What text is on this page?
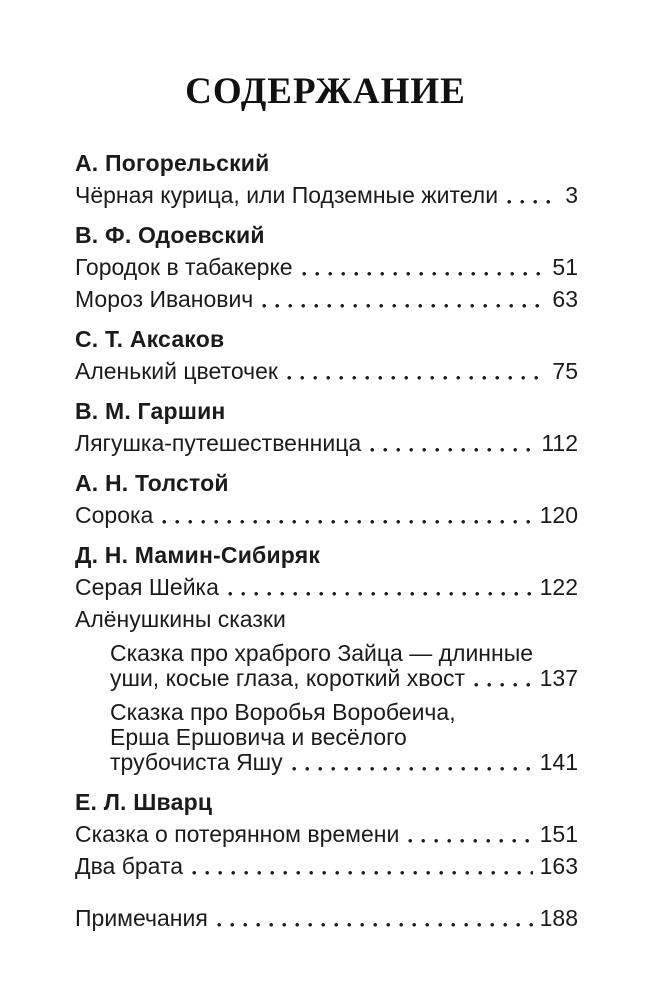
СОДЕРЖАНИЕ
А. Погорельский
Чёрная курица, или Подземные жители	3
В. Ф. Одоевский
Городок в табакерке	51
Мороз Иванович	63
С. Т. Аксаков
Аленький цветочек	75
В. М. Гаршин
Лягушка-путешественница	112
А. Н. Толстой
Сорока	120
Д. Н. Мамин-Сибиряк
Серая Шейка	122
Алёнушкины сказки
Сказка про храброго Зайца — длинные
уши, косые глаза, короткий хвост	137
Сказка про Воробья Воробеича,
Ерша Ершовича и весёлого
трубочиста Яшу	141
Е. Л. Шварц
Сказка о потерянном времени	151
Два брата	163
Примечания	188
